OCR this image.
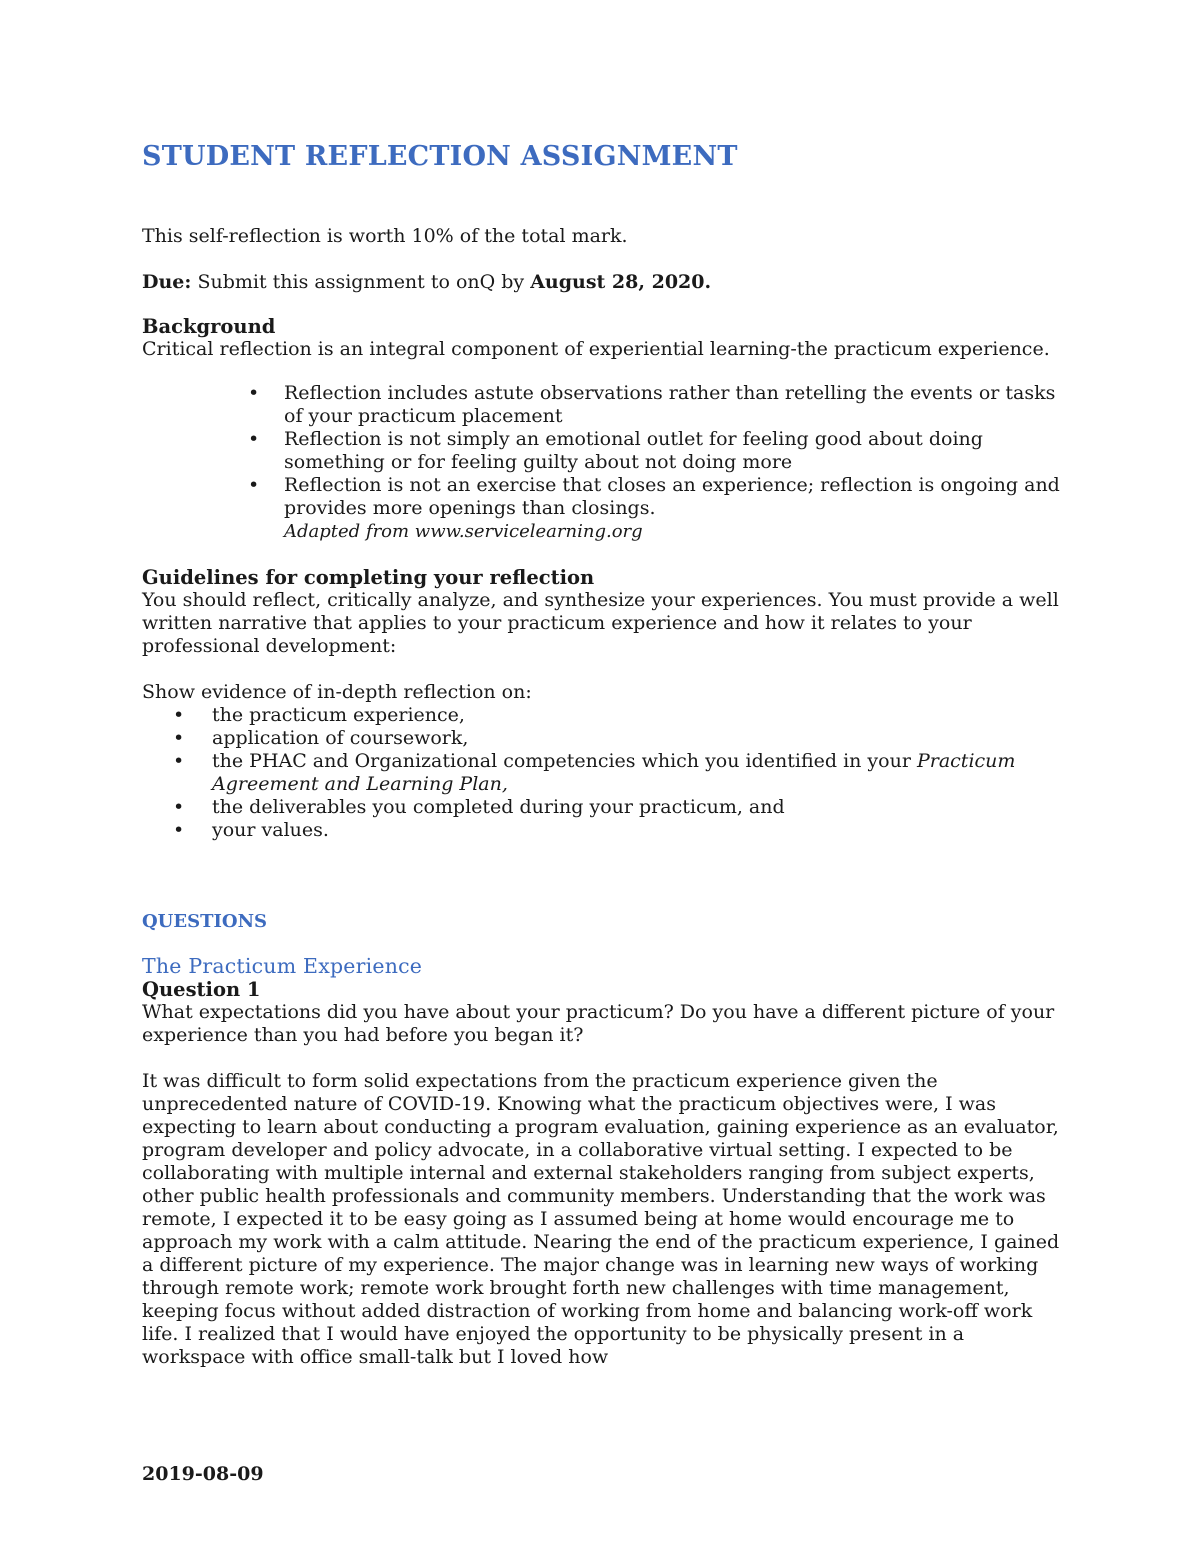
STUDENT REFLECTION ASSIGNMENT

This self-reflection is worth 10% of the total mark.

Due: Submit this assignment to onQ by August 28, 2020.

Background

Critical reflection is an integral component of experiential learning-the practicum experience.

• Reflection includes astute observations rather than retelling the events or tasks of your practicum placement
• Reflection is not simply an emotional outlet for feeling good about doing something or for feeling guilty about not doing more
• Reflection is not an exercise that closes an experience; reflection is ongoing and provides more openings than closings.

Adapted from www.servicelearning.org

Guidelines for completing your reflection

You should reflect, critically analyze, and synthesize your experiences. You must provide a well written narrative that applies to your practicum experience and how it relates to your professional development:

Show evidence of in-depth reflection on:

• the practicum experience,
• application of coursework,
• the PHAC and Organizational competencies which you identified in your Practicum Agreement and Learning Plan,
• the deliverables you completed during your practicum, and
• your values.

QUESTIONS

The Practicum Experience

Question 1

What expectations did you have about your practicum? Do you have a different picture of your experience than you had before you began it?

It was difficult to form solid expectations from the practicum experience given the unprecedented nature of COVID-19. Knowing what the practicum objectives were, I was expecting to learn about conducting a program evaluation, gaining experience as an evaluator, program developer and policy advocate, in a collaborative virtual setting. I expected to be collaborating with multiple internal and external stakeholders ranging from subject experts, other public health professionals and community members. Understanding that the work was remote, I expected it to be easy going as I assumed being at home would encourage me to approach my work with a calm attitude. Nearing the end of the practicum experience, I gained a different picture of my experience. The major change was in learning new ways of working through remote work; remote work brought forth new challenges with time management, keeping focus without added distraction of working from home and balancing work-off work life. I realized that I would have enjoyed the opportunity to be physically present in a workspace with office small-talk but I loved how

2019-08-09
